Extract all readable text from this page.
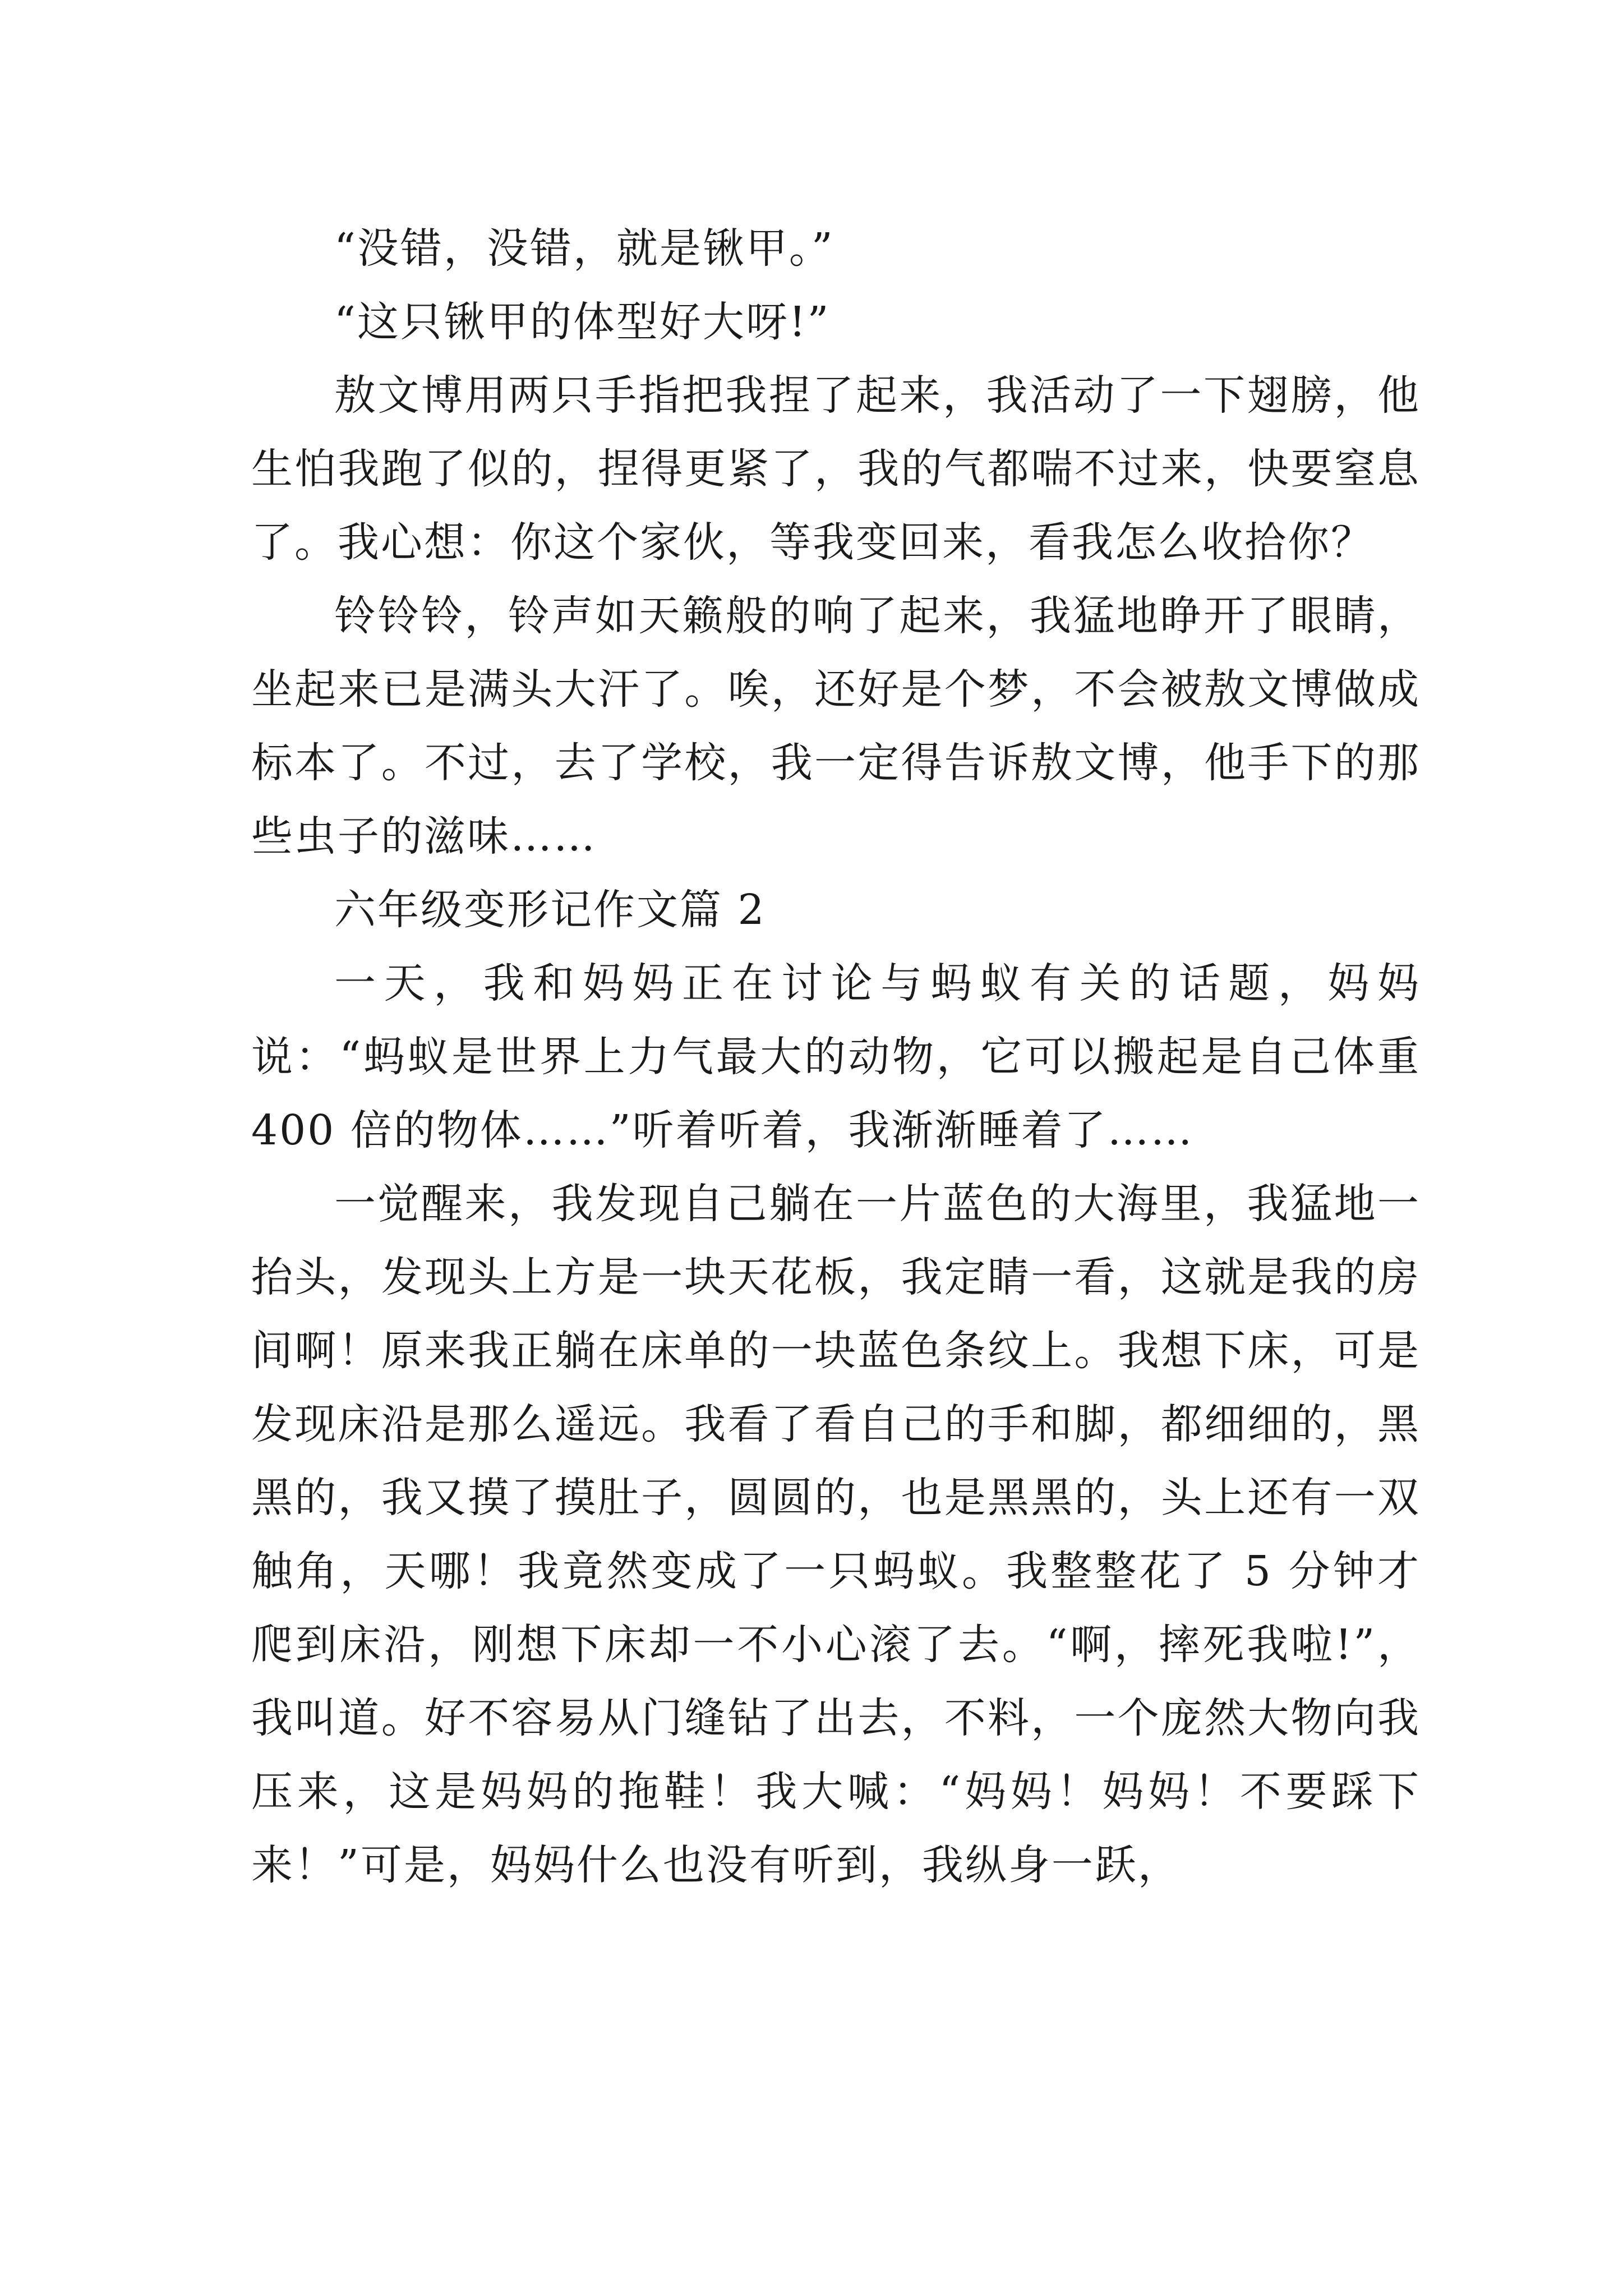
“没错，没错，就是锹甲。”

“这只锹甲的体型好大呀!”

敖文博用两只手指把我捏了起来，我活动了一下翅膀，他生怕我跑了似的，捏得更紧了，我的气都喘不过来，快要窒息了。我心想：你这个家伙，等我变回来，看我怎么收拾你？

铃铃铃，铃声如天籁般的响了起来，我猛地睁开了眼睛，坐起来已是满头大汗了。唉，还好是个梦，不会被敖文博做成标本了。不过，去了学校，我一定得告诉敖文博，他手下的那些虫子的滋味……

六年级变形记作文篇 2

一天，我和妈妈正在讨论与蚂蚁有关的话题，妈妈说：“蚂蚁是世界上力气最大的动物，它可以搬起是自己体重 400 倍的物体……”听着听着，我渐渐睡着了……

一觉醒来，我发现自己躺在一片蓝色的大海里，我猛地一抬头，发现头上方是一块天花板，我定睛一看，这就是我的房间啊！原来我正躺在床单的一块蓝色条纹上。我想下床，可是发现床沿是那么遥远。我看了看自己的手和脚，都细细的，黑黑的，我又摸了摸肚子，圆圆的，也是黑黑的，头上还有一双触角，天哪！我竟然变成了一只蚂蚁。我整整花了 5 分钟才爬到床沿，刚想下床却一不小心滚了去。“啊，摔死我啦!”，我叫道。好不容易从门缝钻了出去，不料，一个庞然大物向我压来，这是妈妈的拖鞋！我大喊：“妈妈！妈妈！不要踩下来！”可是，妈妈什么也没有听到，我纵身一跃，
